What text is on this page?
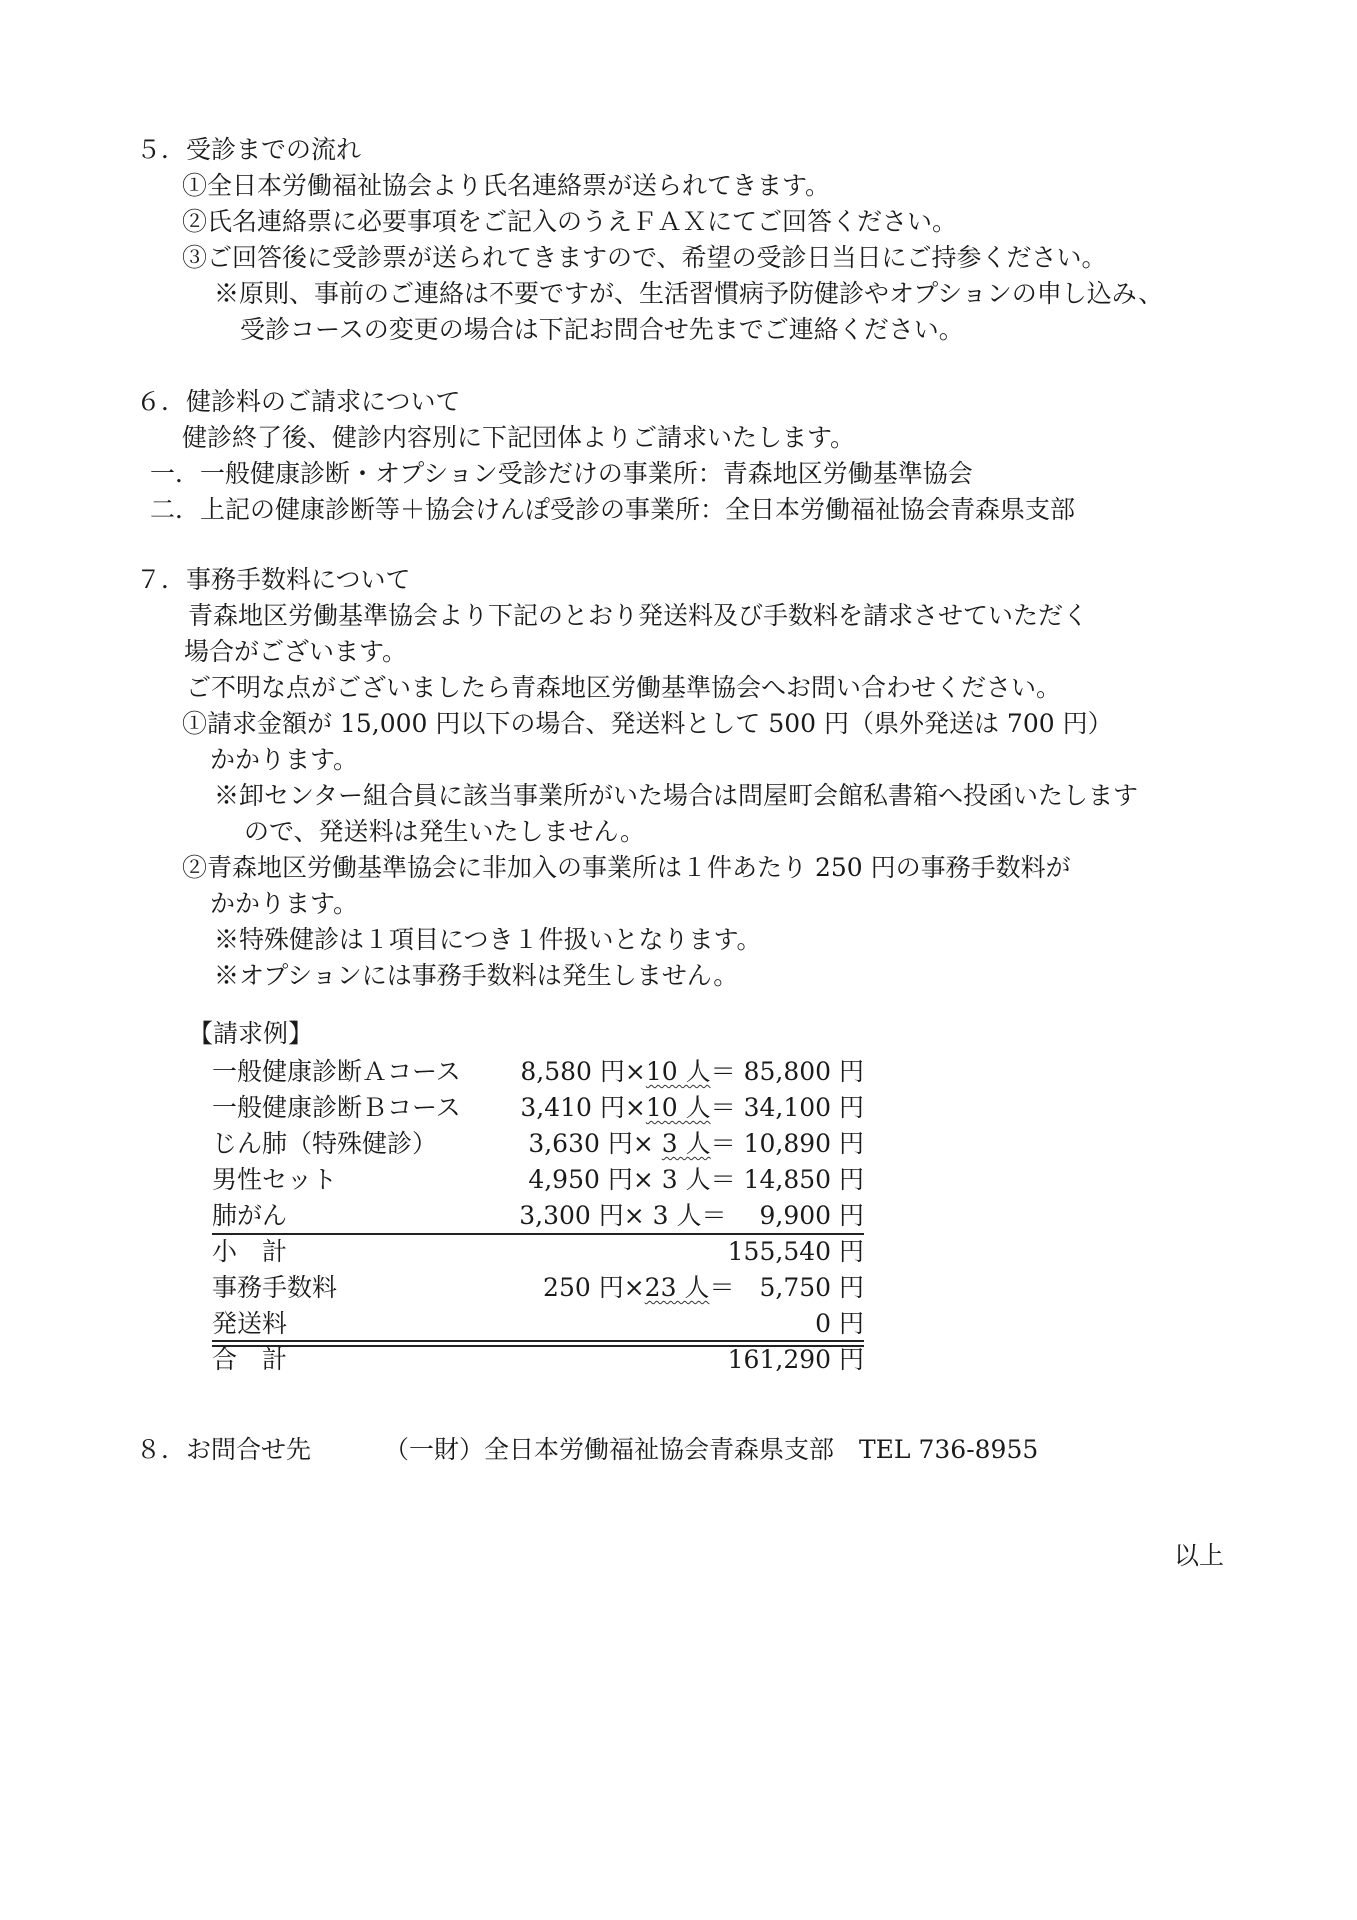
５．受診までの流れ
①全日本労働福祉協会より氏名連絡票が送られてきます。
②氏名連絡票に必要事項をご記入のうえＦＡＸにてご回答ください。
③ご回答後に受診票が送られてきますので、希望の受診日当日にご持参ください。
※原則、事前のご連絡は不要ですが、生活習慣病予防健診やオプションの申し込み、
受診コースの変更の場合は下記お問合せ先までご連絡ください。
６．健診料のご請求について
健診終了後、健診内容別に下記団体よりご請求いたします。
一．一般健康診断・オプション受診だけの事業所：青森地区労働基準協会
二．上記の健康診断等＋協会けんぽ受診の事業所：全日本労働福祉協会青森県支部
７．事務手数料について
青森地区労働基準協会より下記のとおり発送料及び手数料を請求させていただく
場合がございます。
ご不明な点がございましたら青森地区労働基準協会へお問い合わせください。
①請求金額が 15,000 円以下の場合、発送料として 500 円（県外発送は 700 円）
かかります。
※卸センター組合員に該当事業所がいた場合は問屋町会館私書箱へ投函いたします
ので、発送料は発生いたしません。
②青森地区労働基準協会に非加入の事業所は１件あたり 250 円の事務手数料が
かかります。
※特殊健診は１項目につき１件扱いとなります。
※オプションには事務手数料は発生しません。
【請求例】
一般健康診断Ａコース 8,580 円×10 人＝ 85,800 円
一般健康診断Ｂコース 3,410 円×10 人＝ 34,100 円
じん肺（特殊健診）	3,630 円× 3 人＝ 10,890 円
男性セット	4,950 円× 3 人＝ 14,850 円
肺がん	3,300 円× 3 人＝　 9,900 円
小　計	155,540 円
事務手数料	250 円×23 人＝　 5,750 円
発送料	0 円
合　計	161,290 円
８．お問合せ先	（一財）全日本労働福祉協会青森県支部　TEL 736-8955
以上
